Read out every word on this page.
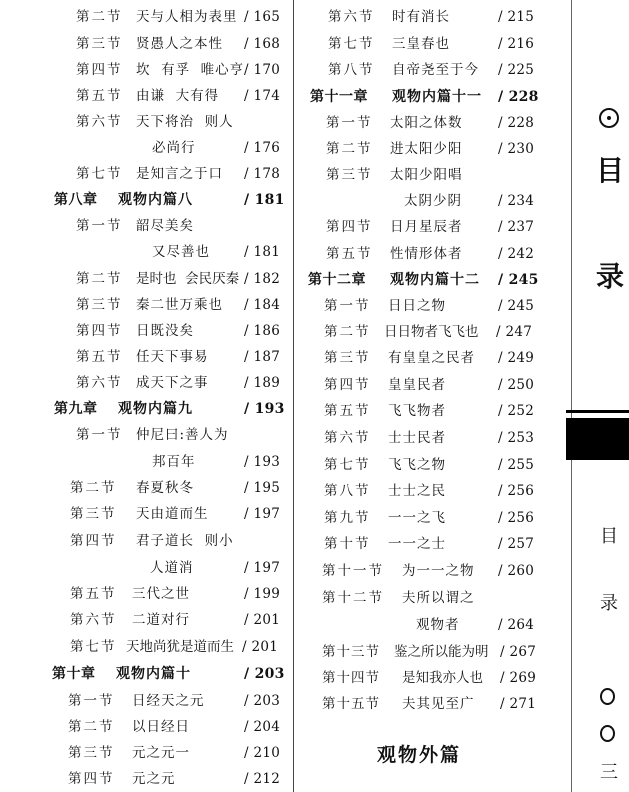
第二节 天与人相为表里 / 165
第三节 贤愚人之本性 / 168
第四节 坎  有孚  唯心亨 / 170
第五节 由谦  大有得 / 174
第六节 天下将治  则人
必尚行	/ 176
第七节 是知言之于口 / 178
第八章 观物内篇八	/ 181
第一节 韶尽美矣
又尽善也	/ 181
第二节 是时也  会民厌秦 / 182
第三节 秦二世万乘也 / 184
第四节 日既没矣	/ 186
第五节 任天下事易	/ 187
第六节 成天下之事	/ 189
第九章 观物内篇九	/ 193
第一节 仲尼曰:善人为
邦百年	/ 193
第二节 春夏秋冬	/ 195
第三节 天由道而生	/ 197
第四节 君子道长  则小
人道消	/ 197
第五节 三代之世	/ 199
第六节 二道对行	/ 201
第七节 天地尚犹是道而生 / 201
第十章 观物内篇十	/ 203
第一节 日经天之元	/ 203
第二节 以日经日	/ 204
第三节 元之元一	/ 210
第四节 元之元	/ 212
第六节 时有消长	/ 215
第七节 三皇春也	/ 216
第八节 自帝尧至于今 / 225
第十一章 观物内篇十一 / 228
第一节 太阳之体数	/ 228
第二节 进太阳少阳	/ 230
第三节 太阳少阳唱
太阴少阴	/ 234
第四节 日月星辰者	/ 237
第五节 性情形体者	/ 242
第十二章 观物内篇十二 / 245
第一节 日日之物	/ 245
第二节 日日物者飞飞也 / 247
第三节 有皇皇之民者 / 249
第四节 皇皇民者	/ 250
第五节 飞飞物者	/ 252
第六节 士士民者	/ 253
第七节 飞飞之物	/ 255
第八节 士士之民	/ 256
第九节 一一之飞	/ 256
第十节 一一之士	/ 257
第十一节 为一一之物 / 260
第十二节 夫所以谓之
观物者	/ 264
第十三节 鉴之所以能为明 / 267
第十四节 是知我亦人也 / 269
第十五节 夫其见至广 / 271
观物外篇
目
录
目
录
三
